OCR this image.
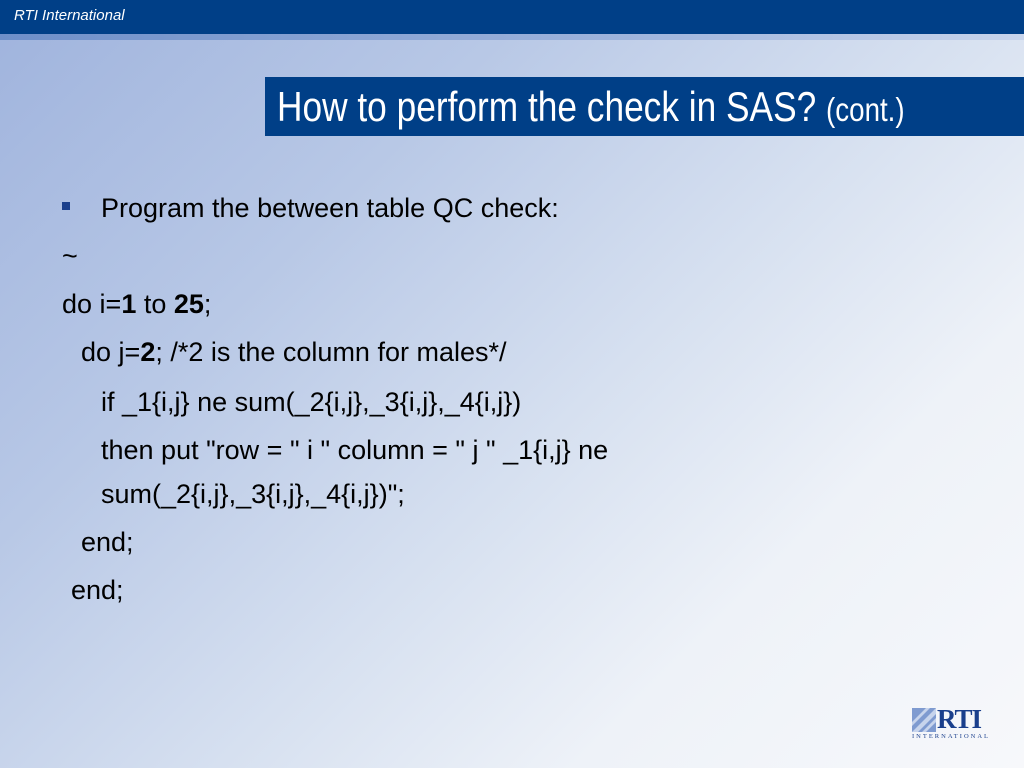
RTI International
How to perform the check in SAS? (cont.)
Program the between table QC check:
~
do i=1 to 25;
do j=2; /*2 is the column for males*/
if _1{i,j} ne sum(_2{i,j},_3{i,j},_4{i,j})
then put "row = " i " column = " j " _1{i,j} ne
sum(_2{i,j},_3{i,j},_4{i,j})";
end;
end;
RTI
INTERNATIONAL
